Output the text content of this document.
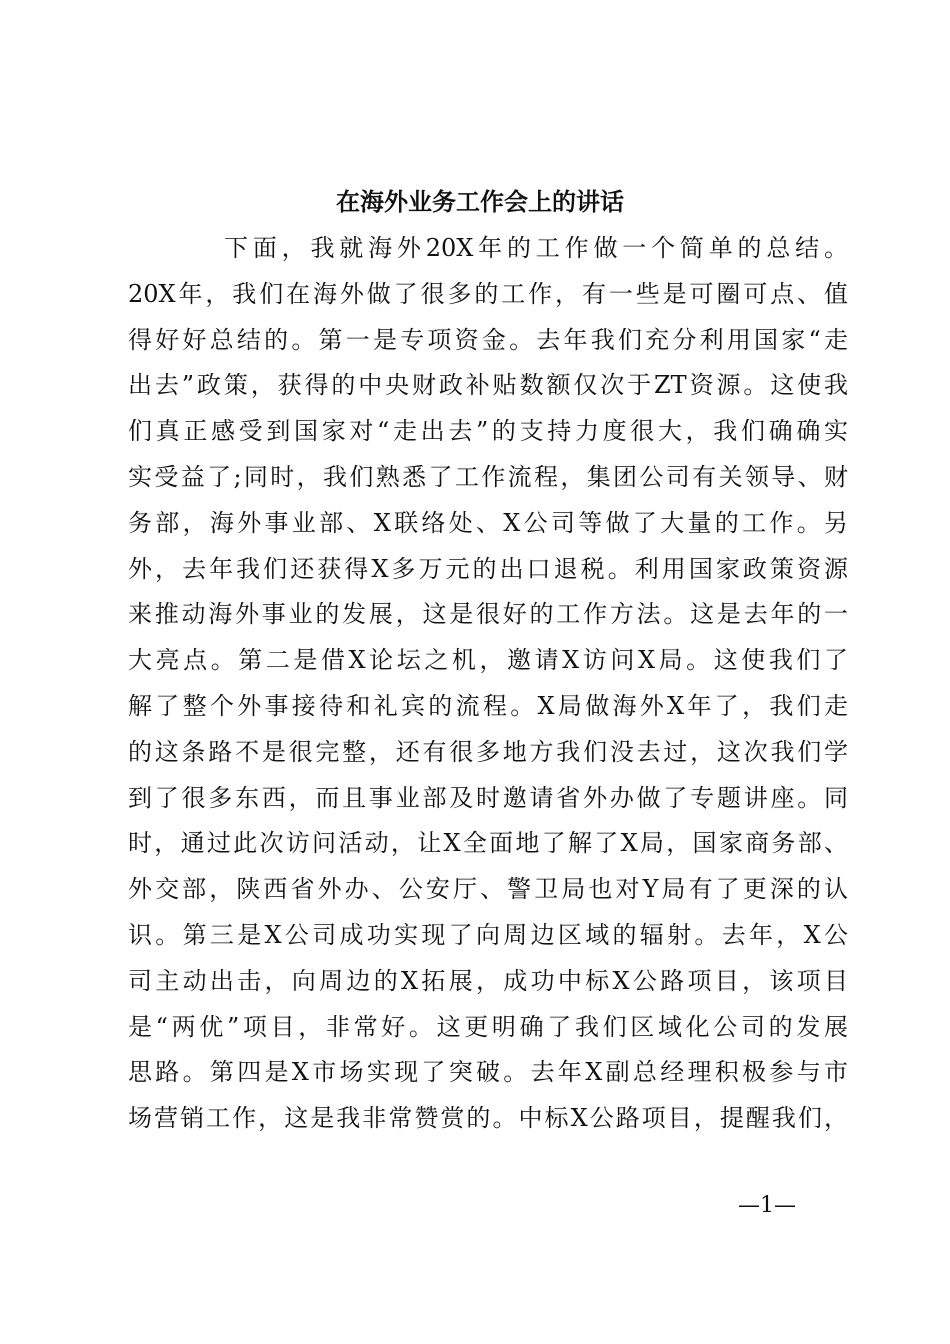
在海外业务工作会上的讲话
下面，我就海外20X年的工作做一个简单的总结。
20X年，我们在海外做了很多的工作，有一些是可圈可点、值
得好好总结的。第一是专项资金。去年我们充分利用国家“走
出去”政策，获得的中央财政补贴数额仅次于ZT资源。这使我
们真正感受到国家对“走出去”的支持力度很大，我们确确实
实受益了;同时，我们熟悉了工作流程，集团公司有关领导、财
务部，海外事业部、X联络处、X公司等做了大量的工作。另
外，去年我们还获得X多万元的出口退税。利用国家政策资源
来推动海外事业的发展，这是很好的工作方法。这是去年的一
大亮点。第二是借X论坛之机，邀请X访问X局。这使我们了
解了整个外事接待和礼宾的流程。X局做海外X年了，我们走
的这条路不是很完整，还有很多地方我们没去过，这次我们学
到了很多东西，而且事业部及时邀请省外办做了专题讲座。同
时，通过此次访问活动，让X全面地了解了X局，国家商务部、
外交部，陕西省外办、公安厅、警卫局也对Y局有了更深的认
识。第三是X公司成功实现了向周边区域的辐射。去年，X公
司主动出击，向周边的X拓展，成功中标X公路项目，该项目
是“两优”项目，非常好。这更明确了我们区域化公司的发展
思路。第四是X市场实现了突破。去年X副总经理积极参与市
场营销工作，这是我非常赞赏的。中标X公路项目，提醒我们，
—1—
